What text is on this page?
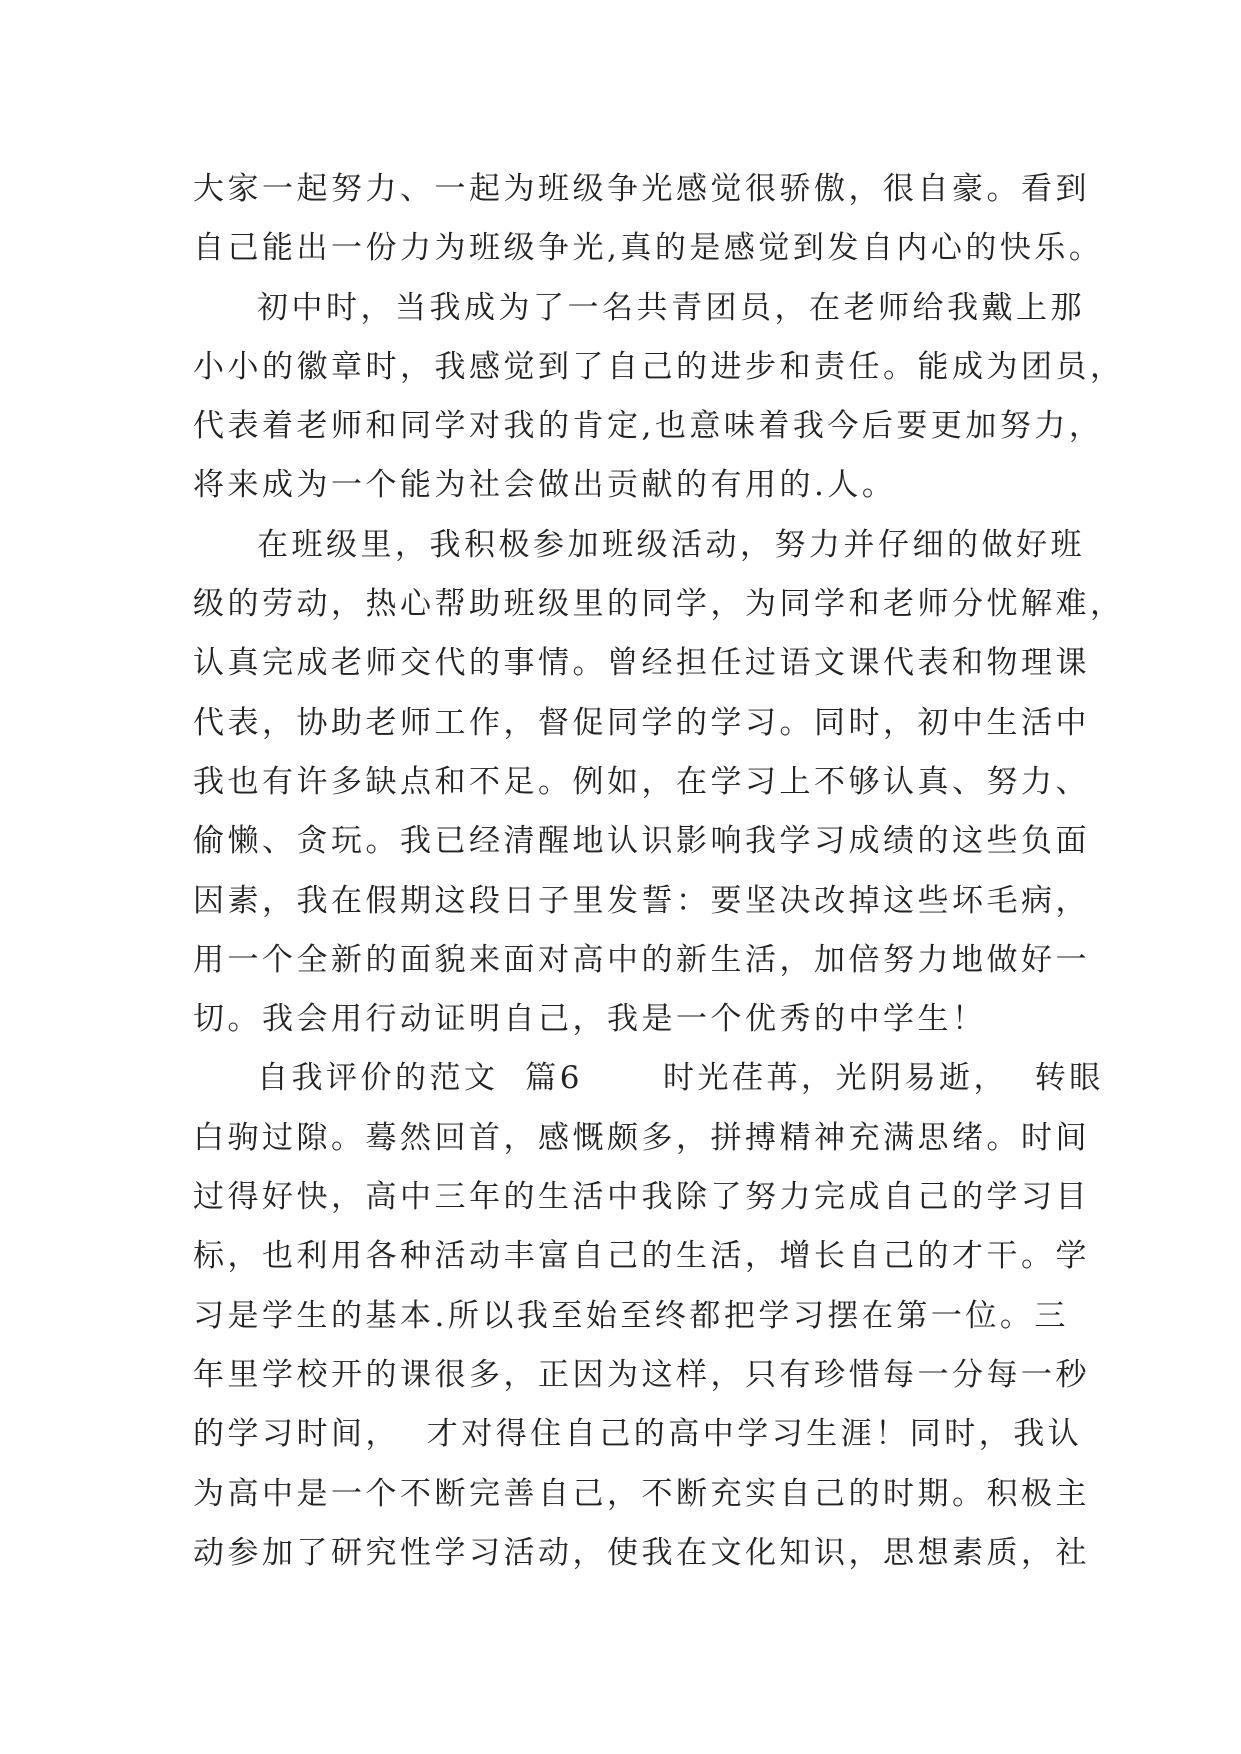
大家一起努力、一起为班级争光感觉很骄傲，很自豪。看到
自己能出一份力为班级争光,真的是感觉到发自内心的快乐。
初中时，当我成为了一名共青团员，在老师给我戴上那
小小的徽章时，我感觉到了自己的进步和责任。能成为团员，
代表着老师和同学对我的肯定,也意味着我今后要更加努力，
将来成为一个能为社会做出贡献的有用的.人。
在班级里，我积极参加班级活动，努力并仔细的做好班
级的劳动，热心帮助班级里的同学，为同学和老师分忧解难，
认真完成老师交代的事情。曾经担任过语文课代表和物理课
代表，协助老师工作，督促同学的学习。同时，初中生活中
我也有许多缺点和不足。例如，在学习上不够认真、努力、
偷懒、贪玩。我已经清醒地认识影响我学习成绩的这些负面
因素，我在假期这段日子里发誓：要坚决改掉这些坏毛病，
用一个全新的面貌来面对高中的新生活，加倍努力地做好一
切。我会用行动证明自己，我是一个优秀的中学生！
自我评价的范文  篇6      时光荏苒，光阴易逝，  转眼
白驹过隙。蓦然回首，感慨颇多，拼搏精神充满思绪。时间
过得好快，高中三年的生活中我除了努力完成自己的学习目
标，也利用各种活动丰富自己的生活，增长自己的才干。学
习是学生的基本.所以我至始至终都把学习摆在第一位。三
年里学校开的课很多，正因为这样，只有珍惜每一分每一秒
的学习时间，  才对得住自己的高中学习生涯！同时，我认
为高中是一个不断完善自己，不断充实自己的时期。积极主
动参加了研究性学习活动，使我在文化知识，思想素质，社
